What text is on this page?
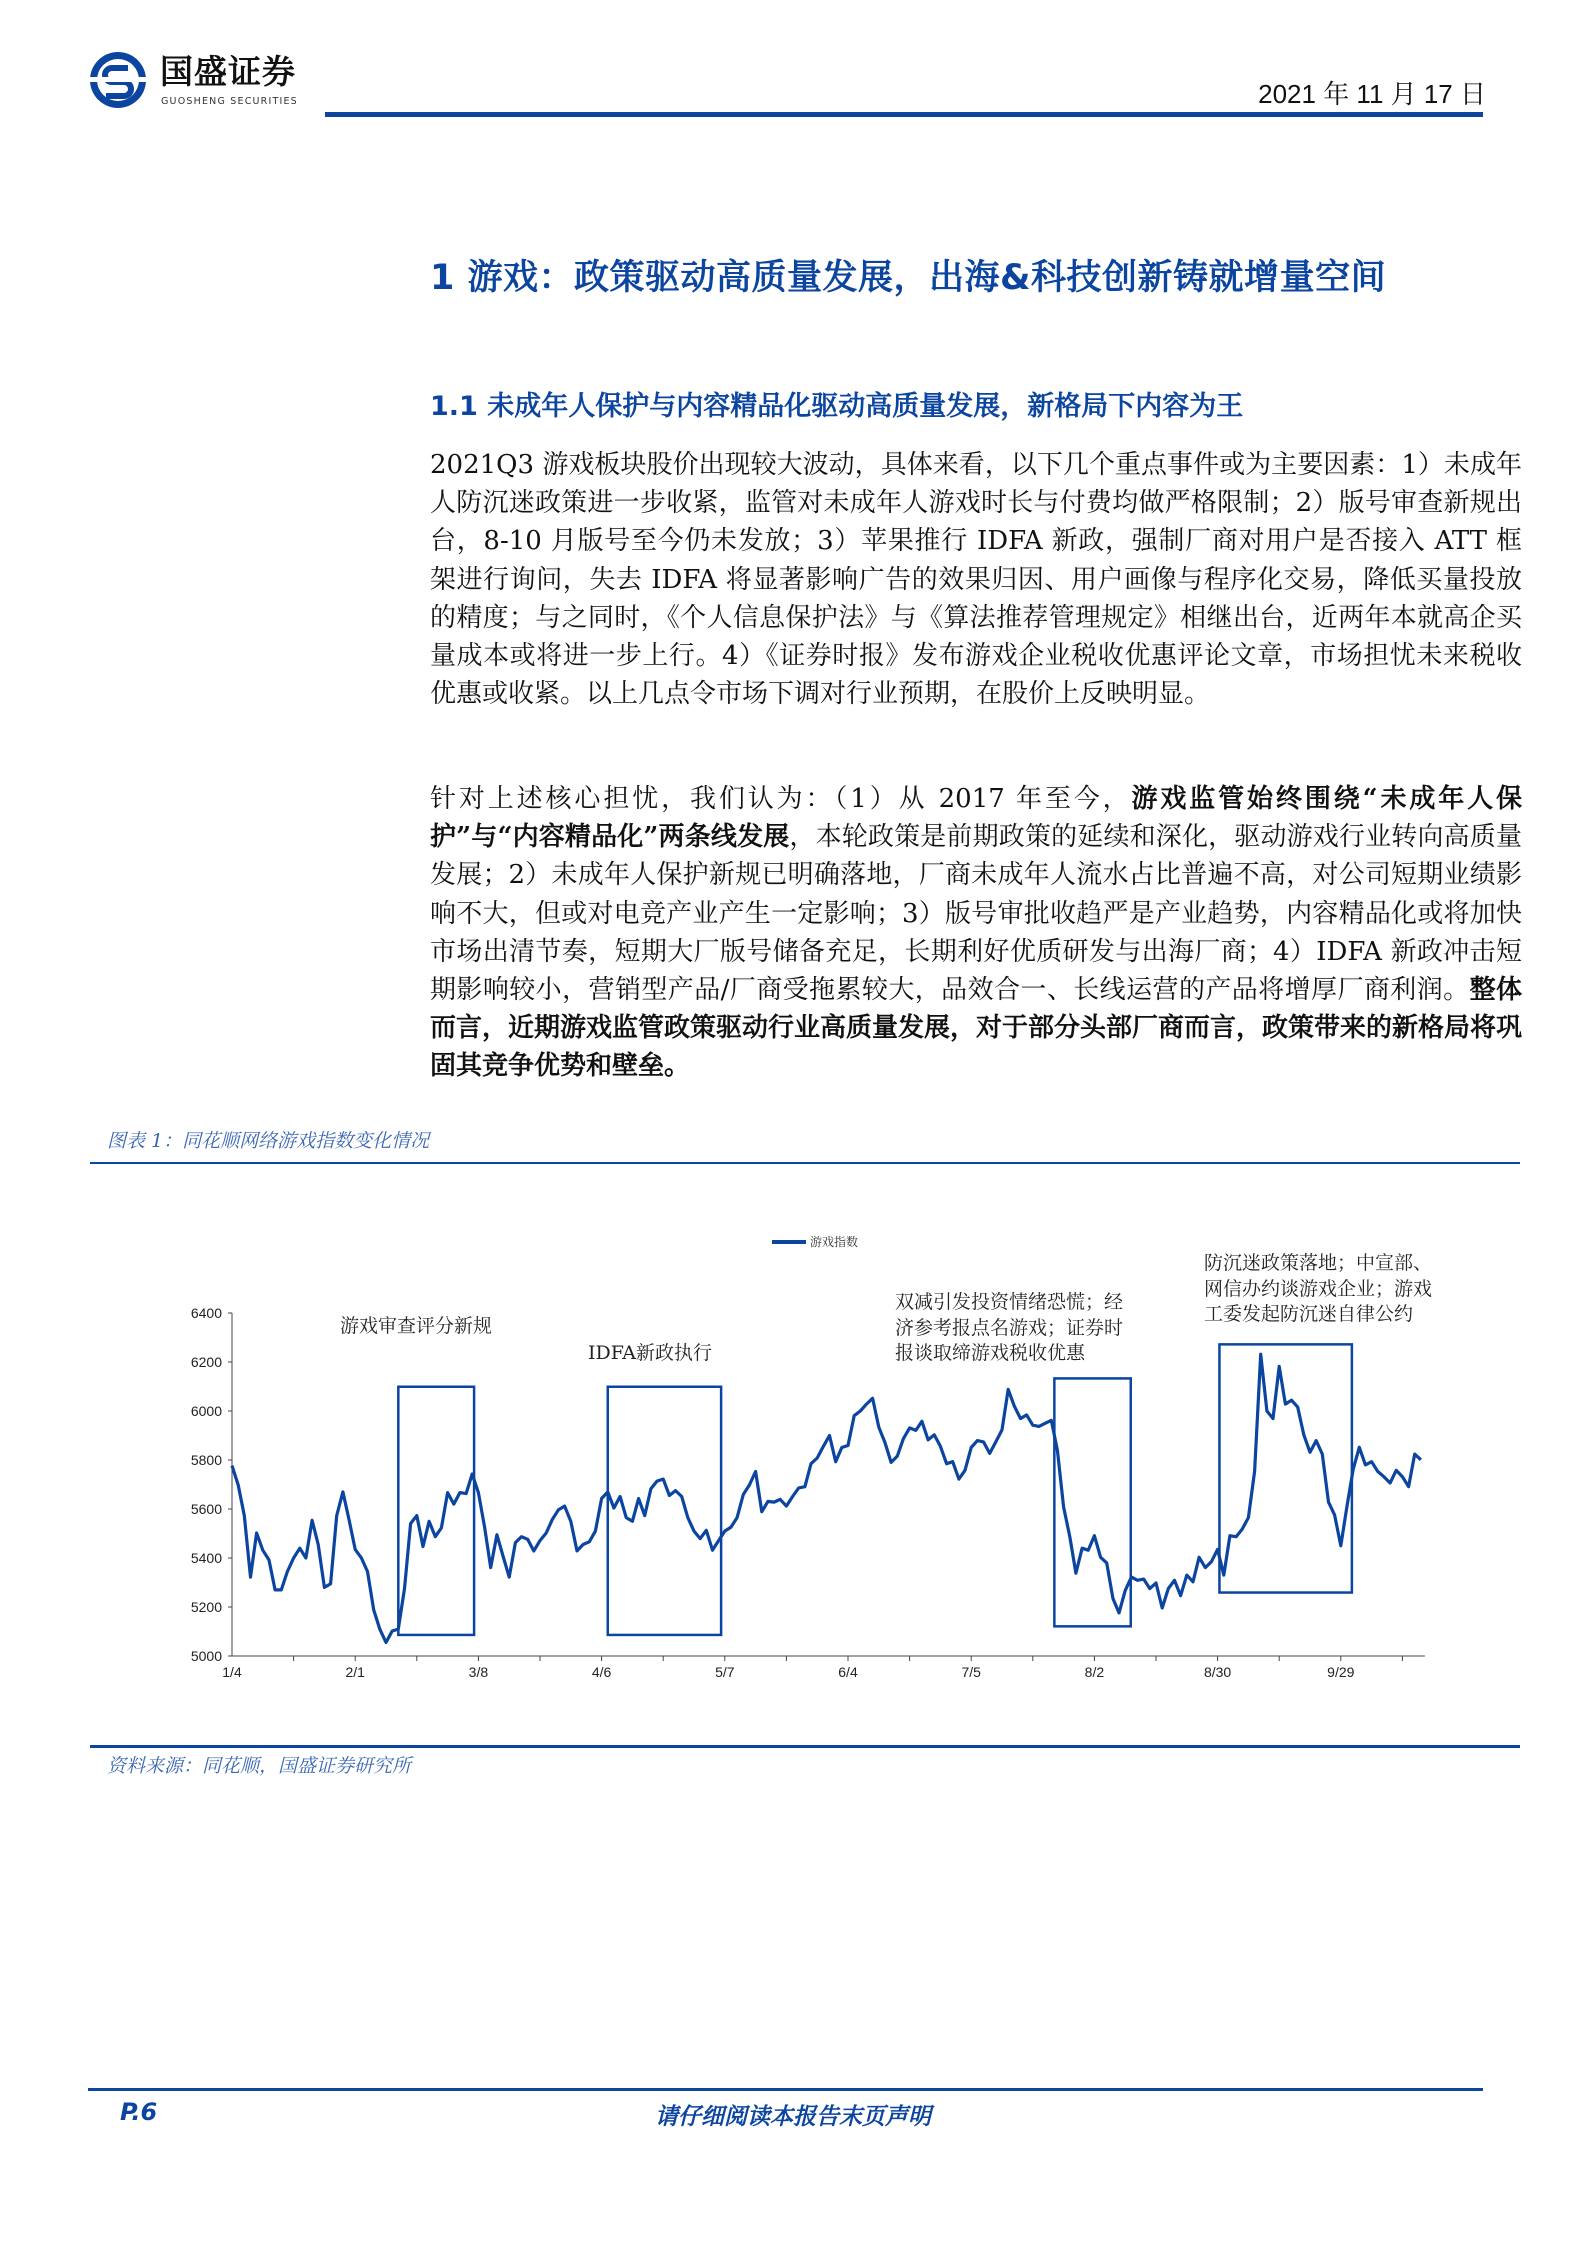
国盛证券
GUOSHENG SECURITIES	2021 年 11 月 17 日
1 游戏：政策驱动高质量发展，出海&科技创新铸就增量空间
1.1 未成年人保护与内容精品化驱动高质量发展，新格局下内容为王

2021Q3 游戏板块股价出现较大波动，具体来看，以下几个重点事件或为主要因素：1）未成年人防沉迷政策进一步收紧，监管对未成年人游戏时长与付费均做严格限制；2）版号审查新规出台，8-10 月版号至今仍未发放；3）苹果推行 IDFA 新政，强制厂商对用户是否接入 ATT 框架进行询问，失去 IDFA 将显著影响广告的效果归因、用户画像与程序化交易，降低买量投放的精度；与之同时，《个人信息保护法》与《算法推荐管理规定》相继出台，近两年本就高企买量成本或将进一步上行。4）《证券时报》发布游戏企业税收优惠评论文章，市场担忧未来税收优惠或收紧。以上几点令市场下调对行业预期，在股价上反映明显。

针对上述核心担忧，我们认为：（1）从 2017 年至今，游戏监管始终围绕“未成年人保护”与“内容精品化”两条线发展，本轮政策是前期政策的延续和深化，驱动游戏行业转向高质量发展；2）未成年人保护新规已明确落地，厂商未成年人流水占比普遍不高，对公司短期业绩影响不大，但或对电竞产业产生一定影响；3）版号审批收趋严是产业趋势，内容精品化或将加快市场出清节奏，短期大厂版号储备充足，长期利好优质研发与出海厂商；4）IDFA 新政冲击短期影响较小，营销型产品/厂商受拖累较大，品效合一、长线运营的产品将增厚厂商利润。整体而言，近期游戏监管政策驱动行业高质量发展，对于部分头部厂商而言，政策带来的新格局将巩固其竞争优势和壁垒。

图表 1：同花顺网络游戏指数变化情况
游戏指数
5000
5200
5400
5600
5800
6000
6200
6400
1/4	2/1	3/8	4/6	5/7	6/4	7/5	8/2	8/30	9/29
游戏审查评分新规
IDFA新政执行
双减引发投资情绪恐慌；经
济参考报点名游戏；证券时
报谈取缔游戏税收优惠
防沉迷政策落地；中宣部、
网信办约谈游戏企业；游戏
工委发起防沉迷自律公约
资料来源：同花顺，国盛证券研究所
P.6	请仔细阅读本报告末页声明
